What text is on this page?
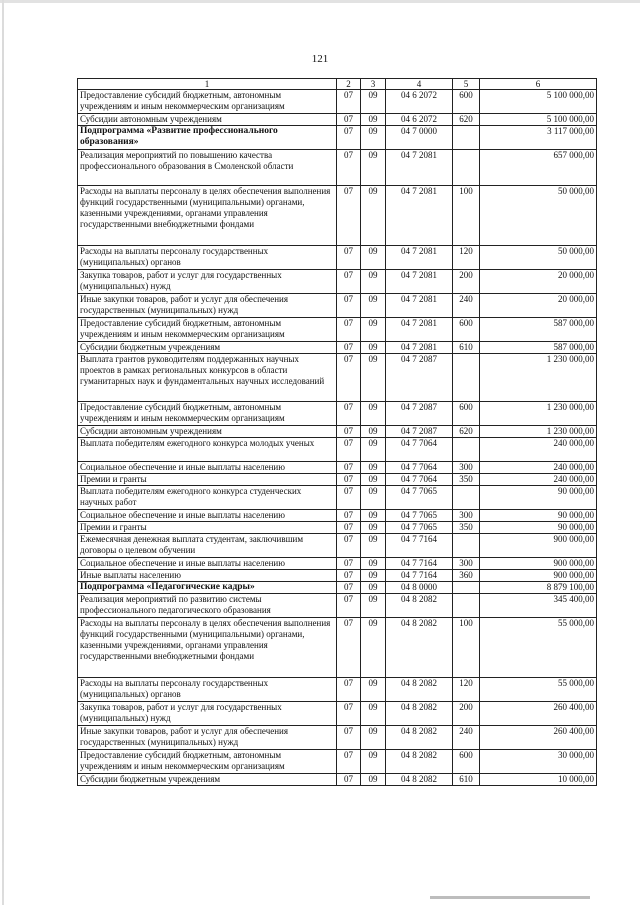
121
1	2	3	4	5	6
Предоставление субсидий бюджетным, автономным учреждениям и иным некоммерческим организациям	07	09	04 6 2072	600	5 100 000,00
Субсидии автономным учреждениям	07	09	04 6 2072	620	5 100 000,00
Подпрограмма «Развитие профессионального образования»	07	09	04 7 0000		3 117 000,00
Реализация мероприятий по повышению качества профессионального образования в Смоленской области	07	09	04 7 2081		657 000,00
Расходы на выплаты персоналу в целях обеспечения выполнения функций государственными (муниципальными) органами, казенными учреждениями, органами управления государственными внебюджетными фондами	07	09	04 7 2081	100	50 000,00
Расходы на выплаты персоналу государственных (муниципальных) органов	07	09	04 7 2081	120	50 000,00
Закупка товаров, работ и услуг для государственных (муниципальных) нужд	07	09	04 7 2081	200	20 000,00
Иные закупки товаров, работ и услуг для обеспечения государственных (муниципальных) нужд	07	09	04 7 2081	240	20 000,00
Предоставление субсидий бюджетным, автономным учреждениям и иным некоммерческим организациям	07	09	04 7 2081	600	587 000,00
Субсидии бюджетным учреждениям	07	09	04 7 2081	610	587 000,00
Выплата грантов руководителям поддержанных научных проектов в рамках региональных конкурсов в области гуманитарных наук и фундаментальных научных исследований	07	09	04 7 2087		1 230 000,00
Предоставление субсидий бюджетным, автономным учреждениям и иным некоммерческим организациям	07	09	04 7 2087	600	1 230 000,00
Субсидии автономным учреждениям	07	09	04 7 2087	620	1 230 000,00
Выплата победителям ежегодного конкурса молодых ученых	07	09	04 7 7064		240 000,00
Социальное обеспечение и иные выплаты населению	07	09	04 7 7064	300	240 000,00
Премии и гранты	07	09	04 7 7064	350	240 000,00
Выплата победителям ежегодного конкурса студенческих научных работ	07	09	04 7 7065		90 000,00
Социальное обеспечение и иные выплаты населению	07	09	04 7 7065	300	90 000,00
Премии и гранты	07	09	04 7 7065	350	90 000,00
Ежемесячная денежная выплата студентам, заключившим договоры о целевом обучении	07	09	04 7 7164		900 000,00
Социальное обеспечение и иные выплаты населению	07	09	04 7 7164	300	900 000,00
Иные выплаты населению	07	09	04 7 7164	360	900 000,00
Подпрограмма «Педагогические кадры»	07	09	04 8 0000		8 879 100,00
Реализация мероприятий по развитию системы профессионального педагогического образования	07	09	04 8 2082		345 400,00
Расходы на выплаты персоналу в целях обеспечения выполнения функций государственными (муниципальными) органами, казенными учреждениями, органами управления государственными внебюджетными фондами	07	09	04 8 2082	100	55 000,00
Расходы на выплаты персоналу государственных (муниципальных) органов	07	09	04 8 2082	120	55 000,00
Закупка товаров, работ и услуг для государственных (муниципальных) нужд	07	09	04 8 2082	200	260 400,00
Иные закупки товаров, работ и услуг для обеспечения государственных (муниципальных) нужд	07	09	04 8 2082	240	260 400,00
Предоставление субсидий бюджетным, автономным учреждениям и иным некоммерческим организациям	07	09	04 8 2082	600	30 000,00
Субсидии бюджетным учреждениям	07	09	04 8 2082	610	10 000,00
